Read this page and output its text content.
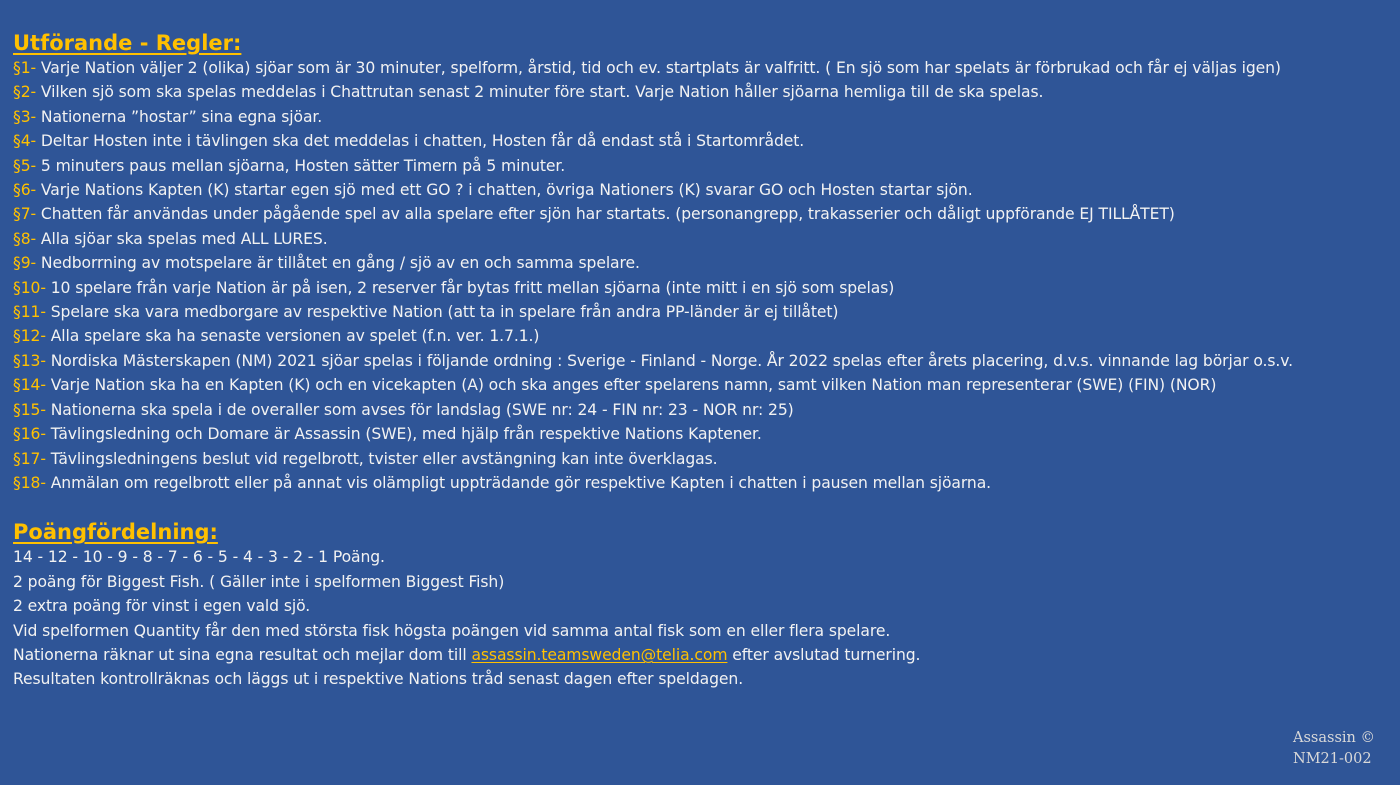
Utförande - Regler:
§1- Varje Nation väljer 2 (olika) sjöar som är 30 minuter, spelform, årstid, tid och ev. startplats är valfritt. ( En sjö som har spelats är förbrukad och får ej väljas igen)
§2- Vilken sjö som ska spelas meddelas i Chattrutan senast 2 minuter före start. Varje Nation håller sjöarna hemliga till de ska spelas.
§3- Nationerna ”hostar” sina egna sjöar.
§4- Deltar Hosten inte i tävlingen ska det meddelas i chatten, Hosten får då endast stå i Startområdet.
§5- 5 minuters paus mellan sjöarna, Hosten sätter Timern på 5 minuter.
§6- Varje Nations Kapten (K) startar egen sjö med ett GO ? i chatten, övriga Nationers (K) svarar GO och Hosten startar sjön.
§7- Chatten får användas under pågående spel av alla spelare efter sjön har startats. (personangrepp, trakasserier och dåligt uppförande EJ TILLÅTET)
§8- Alla sjöar ska spelas med ALL LURES.
§9- Nedborrning av motspelare är tillåtet en gång / sjö av en och samma spelare.
§10- 10 spelare från varje Nation är på isen, 2 reserver får bytas fritt mellan sjöarna (inte mitt i en sjö som spelas)
§11- Spelare ska vara medborgare av respektive Nation (att ta in spelare från andra PP-länder är ej tillåtet)
§12- Alla spelare ska ha senaste versionen av spelet (f.n. ver. 1.7.1.)
§13- Nordiska Mästerskapen (NM) 2021 sjöar spelas i följande ordning : Sverige - Finland - Norge. År 2022 spelas efter årets placering, d.v.s. vinnande lag börjar o.s.v.
§14- Varje Nation ska ha en Kapten (K) och en vicekapten (A) och ska anges efter spelarens namn, samt vilken Nation man representerar (SWE) (FIN) (NOR)
§15- Nationerna ska spela i de overaller som avses för landslag (SWE nr: 24 - FIN nr: 23 - NOR nr: 25)
§16- Tävlingsledning och Domare är Assassin (SWE), med hjälp från respektive Nations Kaptener.
§17- Tävlingsledningens beslut vid regelbrott, tvister eller avstängning kan inte överklagas.
§18- Anmälan om regelbrott eller på annat vis olämpligt uppträdande gör respektive Kapten i chatten i pausen mellan sjöarna.
Poängfördelning:
14 - 12 - 10 - 9 - 8 - 7 - 6 - 5 - 4 - 3 - 2 - 1 Poäng.
2 poäng för Biggest Fish. ( Gäller inte i spelformen Biggest Fish)
2 extra poäng för vinst i egen vald sjö.
Vid spelformen Quantity får den med största fisk högsta poängen vid samma antal fisk som en eller flera spelare.
Nationerna räknar ut sina egna resultat och mejlar dom till assassin.teamsweden@telia.com efter avslutad turnering.
Resultaten kontrollräknas och läggs ut i respektive Nations tråd senast dagen efter speldagen.
Assassin ©
NM21-002
